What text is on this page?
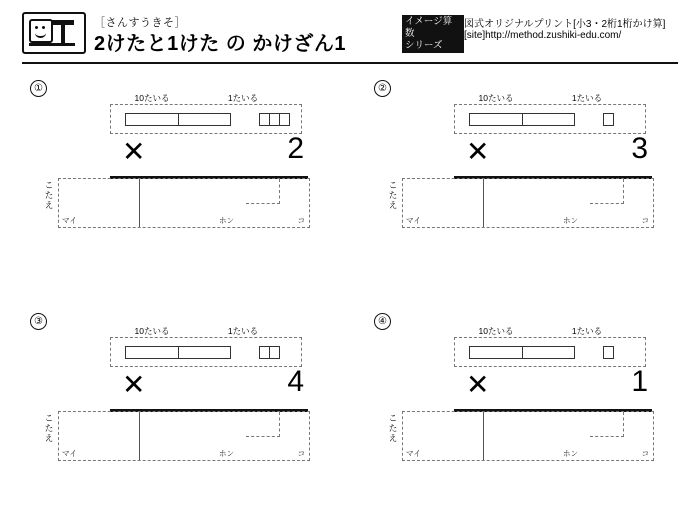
［さんすうきそ］
2けたと1けた の かけざん1
イメージ算数
シリーズ
図式オリジナルプリント[小3・2桁1桁かけ算]
[site]http://method.zushiki-edu.com/
①
10たいる	1たいる
✕	2
こたえ
マイ	ホン	コ
②
10たいる	1たいる
✕	3
こたえ
マイ	ホン	コ
③
10たいる	1たいる
✕	4
こたえ
マイ	ホン	コ
④
10たいる	1たいる
✕	1
こたえ
マイ	ホン	コ
